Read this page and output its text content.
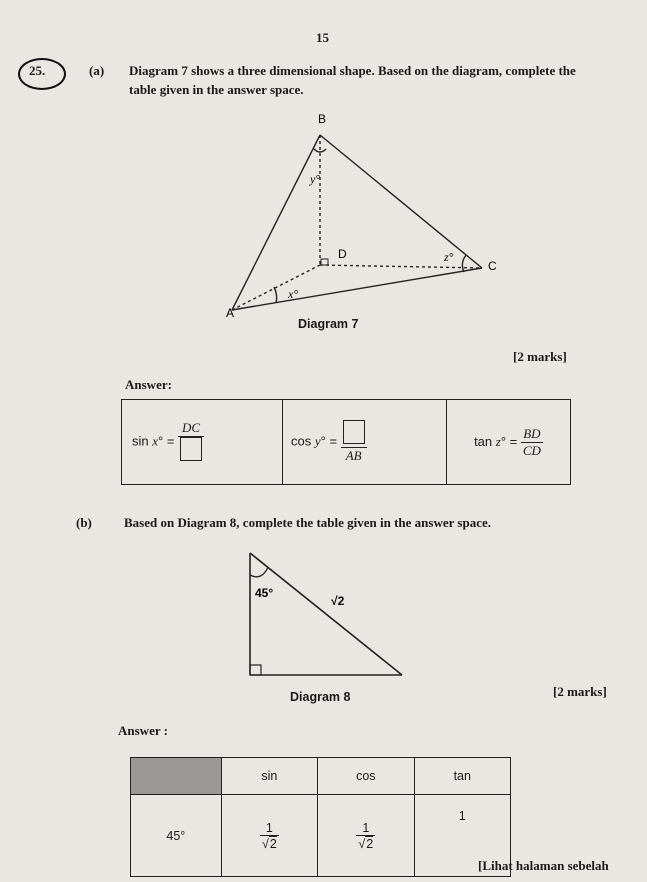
15
25.	(a) Diagram 7 shows a three dimensional shape. Based on the diagram, complete the
table given in the answer space.
A
B
C
D
y°
x°
z°
Diagram 7
[2 marks]
Answer:
sin x° =
DC
	cos y° =
AB
	$\tan z^\circ = \frac{BD}{CD}$
(b) Based on Diagram 8, complete the table given in the answer space.
45°
√2
Diagram 8	[2 marks]
Answer :
	sin	cos	tan
45°	$\frac{1}{√2}$	$\frac{1}{√2}$	1
[Lihat halaman sebelah
